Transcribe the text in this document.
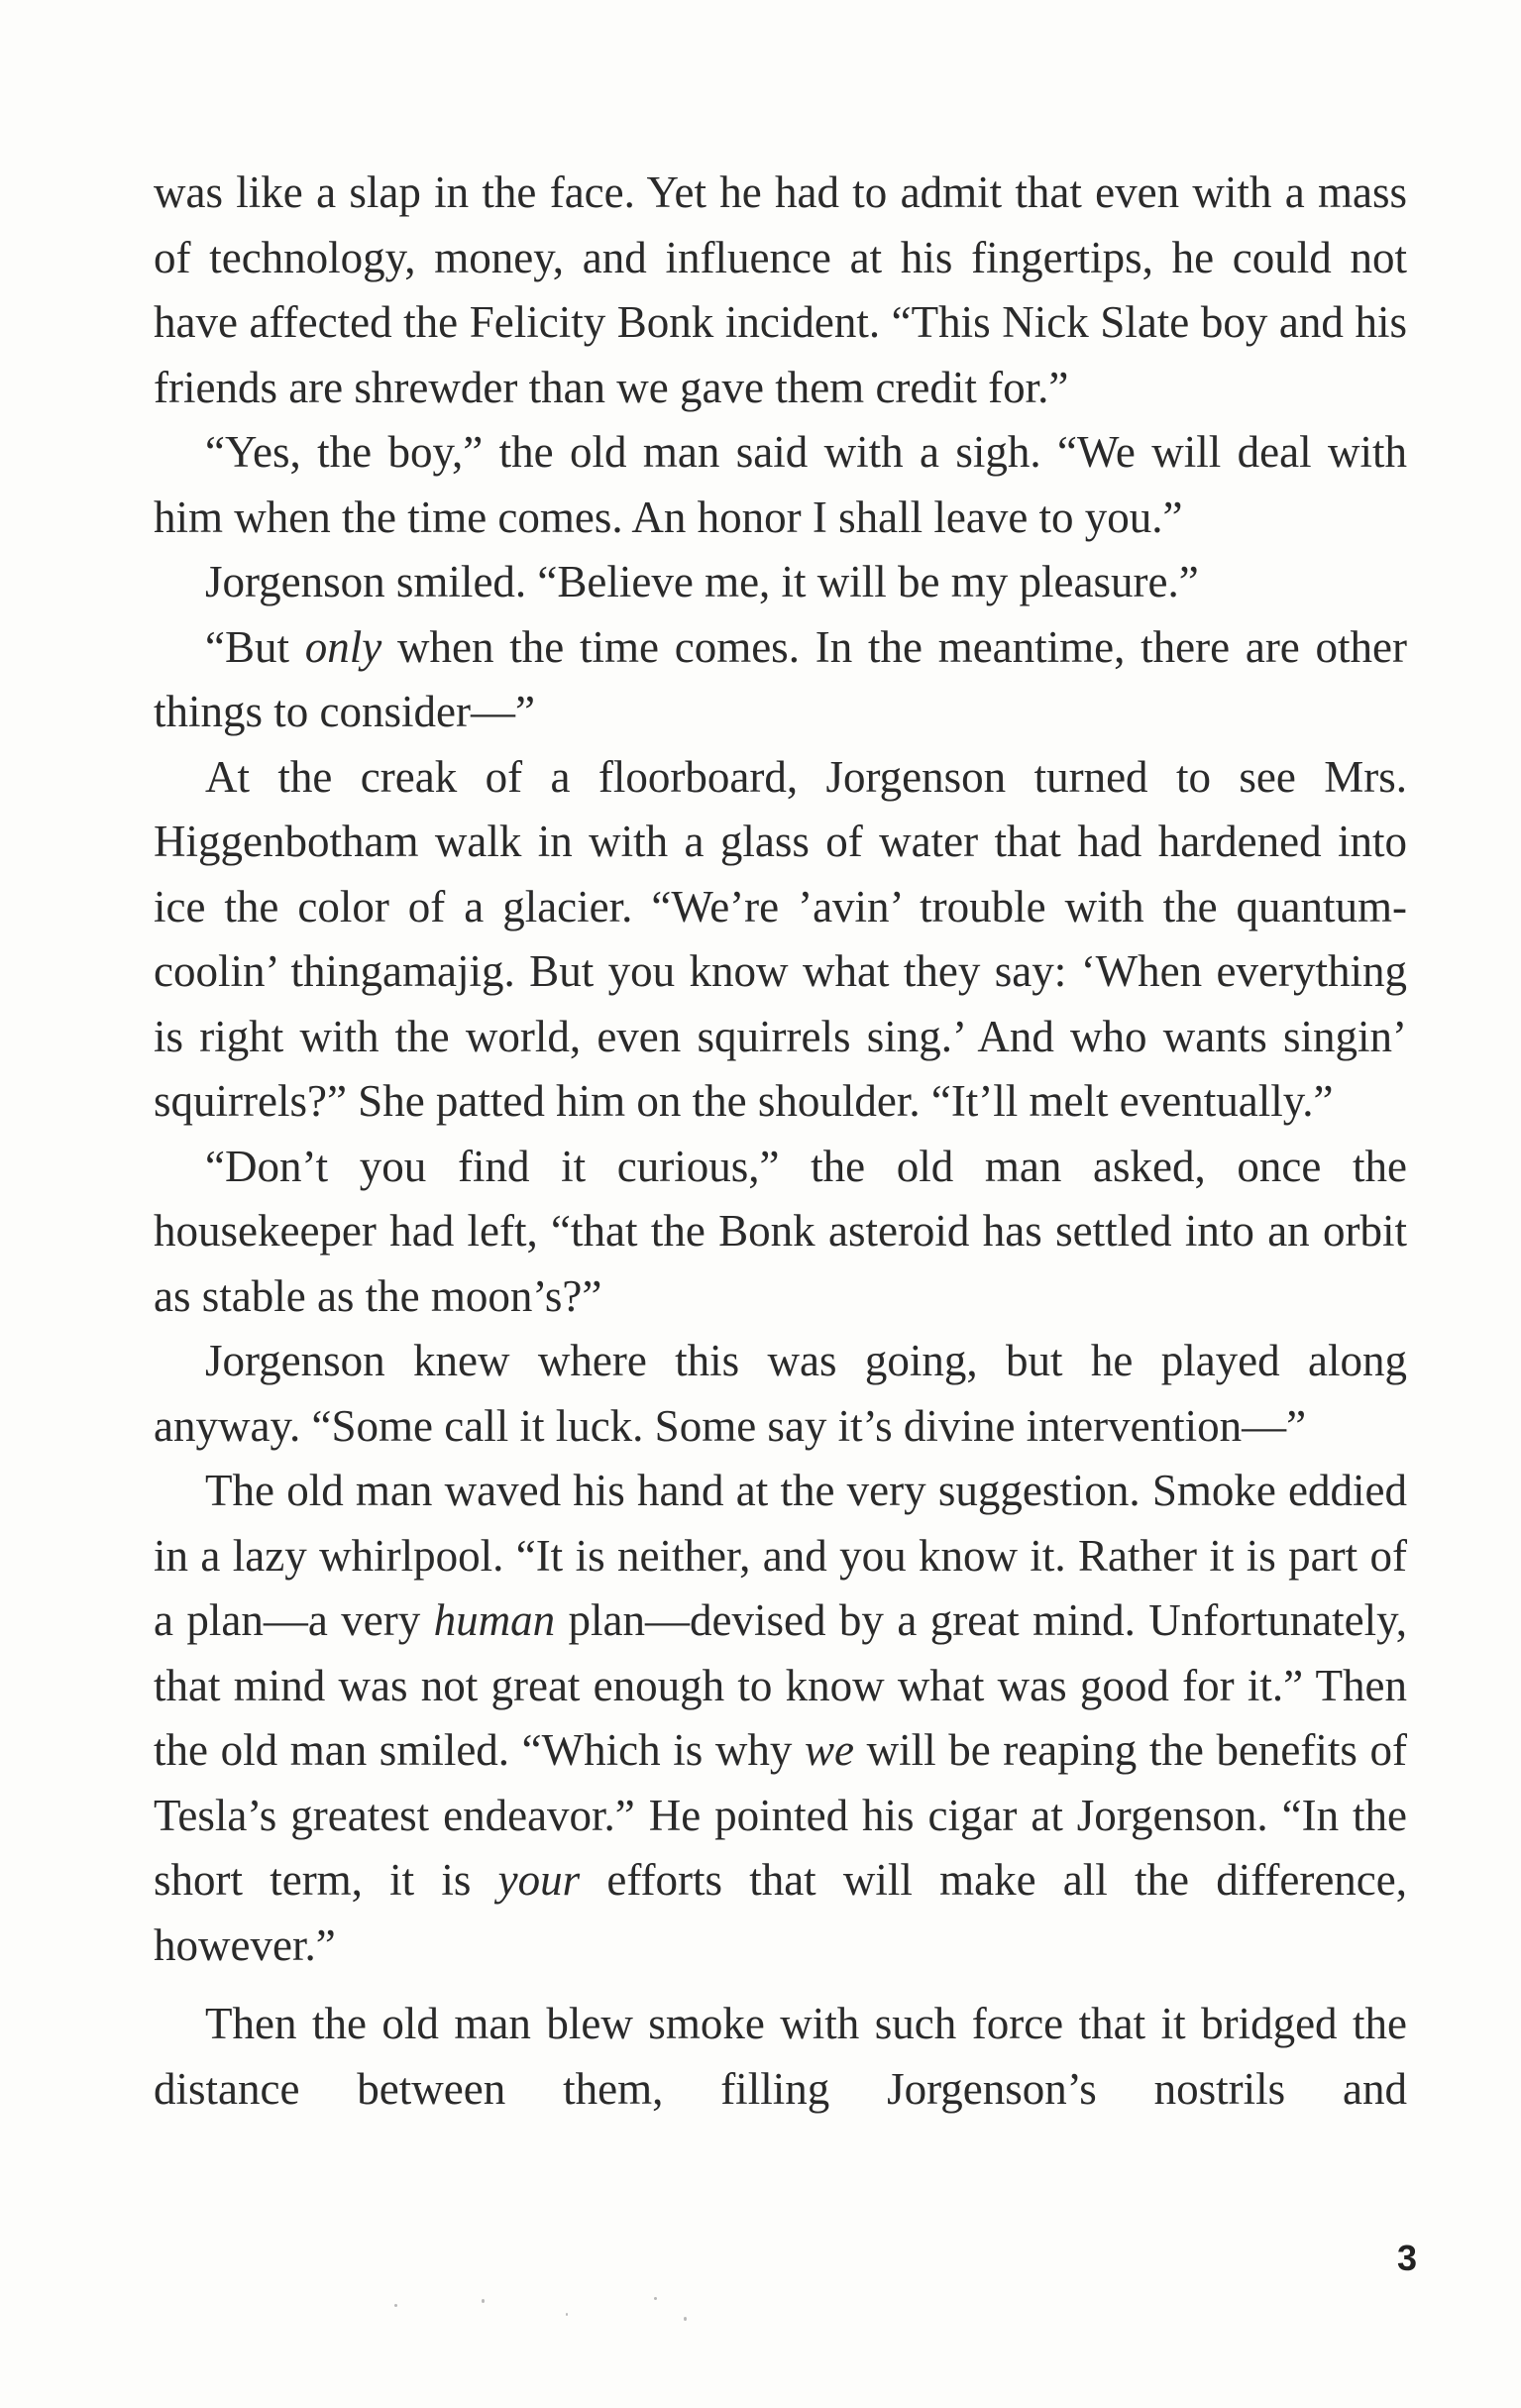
was like a slap in the face. Yet he had to admit that even with a mass of technology, money, and influence at his fingertips, he could not have affected the Felicity Bonk incident. “This Nick Slate boy and his friends are shrewder than we gave them credit for.”

“Yes, the boy,” the old man said with a sigh. “We will deal with him when the time comes. An honor I shall leave to you.”

Jorgenson smiled. “Believe me, it will be my pleasure.”

“But only when the time comes. In the meantime, there are other things to consider—”

At the creak of a floorboard, Jorgenson turned to see Mrs. Higgenbotham walk in with a glass of water that had hardened into ice the color of a glacier. “We’re ’avin’ trouble with the quantum-coolin’ thingamajig. But you know what they say: ‘When everything is right with the world, even squirrels sing.’ And who wants singin’ squirrels?” She patted him on the shoulder. “It’ll melt eventually.”

“Don’t you find it curious,” the old man asked, once the housekeeper had left, “that the Bonk asteroid has settled into an orbit as stable as the moon’s?”

Jorgenson knew where this was going, but he played along anyway. “Some call it luck. Some say it’s divine intervention—”

The old man waved his hand at the very suggestion. Smoke eddied in a lazy whirlpool. “It is neither, and you know it. Rather it is part of a plan—a very human plan—devised by a great mind. Unfortunately, that mind was not great enough to know what was good for it.” Then the old man smiled. “Which is why we will be reaping the benefits of Tesla’s greatest endeavor.” He pointed his cigar at Jorgenson. “In the short term, it is your efforts that will make all the difference, however.”

Then the old man blew smoke with such force that it bridged the distance between them, filling Jorgenson’s nostrils and

3
